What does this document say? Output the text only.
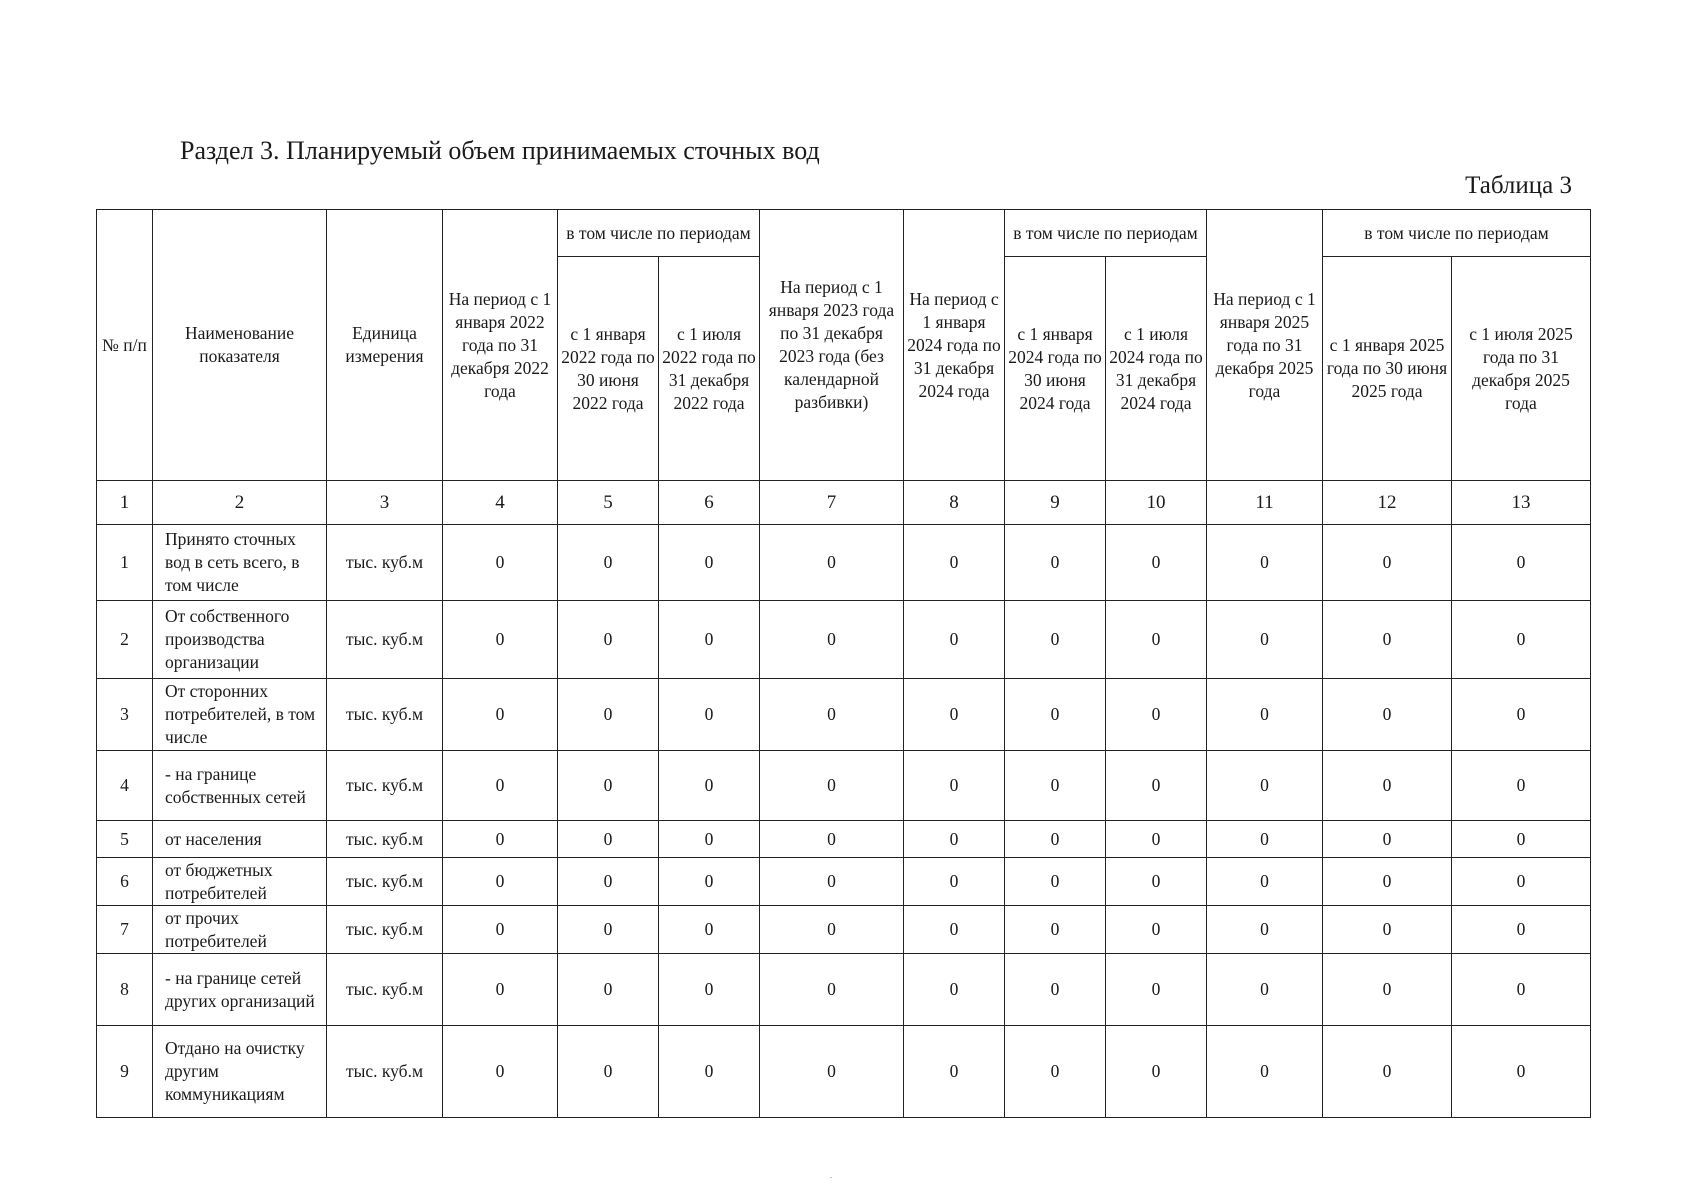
Раздел 3. Планируемый объем принимаемых сточных вод
Таблица 3
№ п/п	Наименование показателя	Единица измерения	На период с 1 января 2022 года по 31 декабря 2022 года	в том числе по периодам		На период с 1 января 2023 года по 31 декабря 2023 года (без календарной разбивки)	На период с 1 января 2024 года по 31 декабря 2024 года	в том числе по периодам		На период с 1 января 2025 года по 31 декабря 2025 года	в том числе по периодам	
				с 1 января 2022 года по 30 июня 2022 года	с 1 июля 2022 года по 31 декабря 2022 года			с 1 января 2024 года по 30 июня 2024 года	с 1 июля 2024 года по 31 декабря 2024 года		с 1 января 2025 года по 30 июня 2025 года	с 1 июля 2025 года по 31 декабря 2025 года
1	2	3	4	5	6	7	8	9	10	11	12	13
1	Принято сточных вод в сеть всего, в том числе	тыс. куб.м	0	0	0	0	0	0	0	0	0	0
2	От собственного производства организации	тыс. куб.м	0	0	0	0	0	0	0	0	0	0
3	От сторонних потребителей, в том числе	тыс. куб.м	0	0	0	0	0	0	0	0	0	0
4	- на границе собственных сетей	тыс. куб.м	0	0	0	0	0	0	0	0	0	0
5	от населения	тыс. куб.м	0	0	0	0	0	0	0	0	0	0
6	от бюджетных потребителей	тыс. куб.м	0	0	0	0	0	0	0	0	0	0
7	от прочих потребителей	тыс. куб.м	0	0	0	0	0	0	0	0	0	0
8	- на границе сетей других организаций	тыс. куб.м	0	0	0	0	0	0	0	0	0	0
9	Отдано на очистку другим коммуникациям	тыс. куб.м	0	0	0	0	0	0	0	0	0	0
